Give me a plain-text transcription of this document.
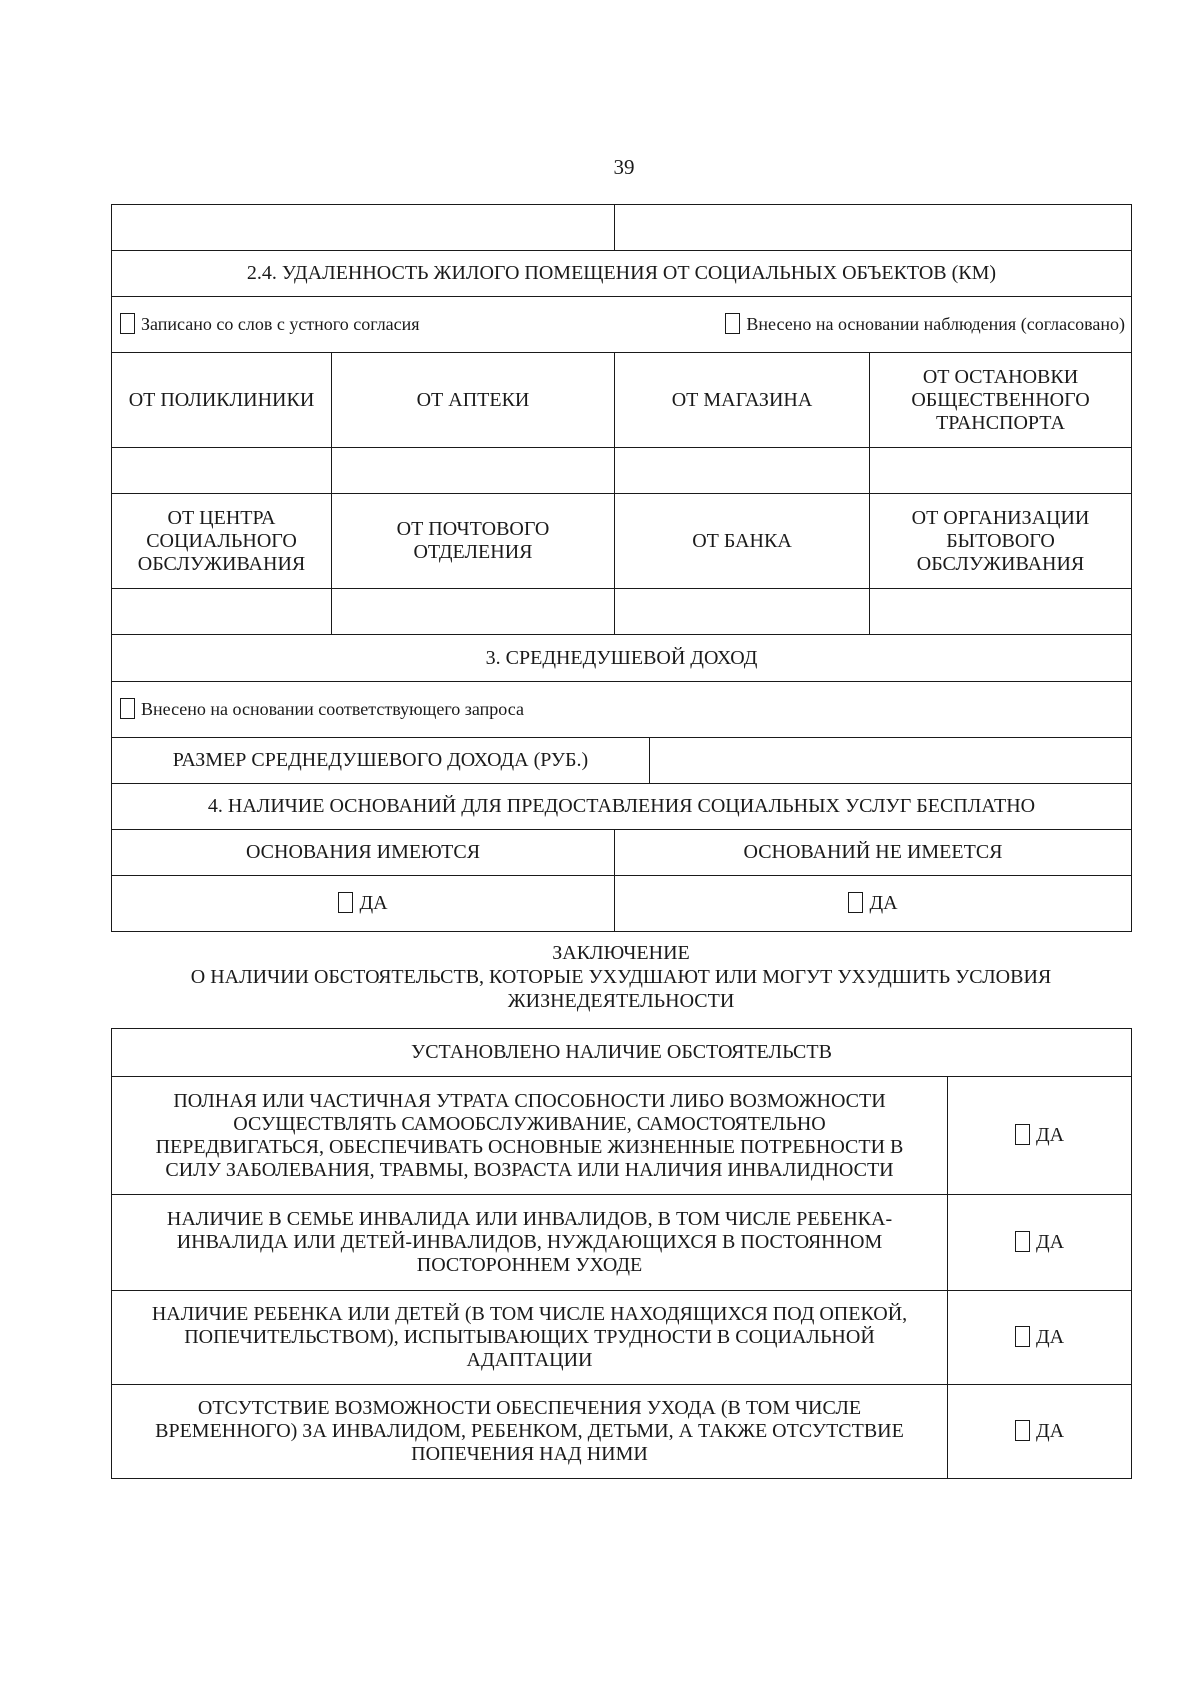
39

2.4. УДАЛЕННОСТЬ ЖИЛОГО ПОМЕЩЕНИЯ ОТ СОЦИАЛЬНЫХ ОБЪЕКТОВ (КМ)				

Записано со слов с устного согласия Внесено на основании наблюдения (согласовано)				

ОТ ПОЛИКЛИНИКИ	ОТ АПТЕКИ	ОТ МАГАЗИНА		ОТ ОСТАНОВКИ ОБЩЕСТВЕННОГО ТРАНСПОРТА

ОТ ЦЕНТРА СОЦИАЛЬНОГО ОБСЛУЖИВАНИЯ	ОТ ПОЧТОВОГО ОТДЕЛЕНИЯ	ОТ БАНКА		ОТ ОРГАНИЗАЦИИ БЫТОВОГО ОБСЛУЖИВАНИЯ

3. СРЕДНЕДУШЕВОЙ ДОХОД				
Внесено на основании соответствующего запроса				
РАЗМЕР СРЕДНЕДУШЕВОГО ДОХОДА (РУБ.)				
4. НАЛИЧИЕ ОСНОВАНИЙ ДЛЯ ПРЕДОСТАВЛЕНИЯ СОЦИАЛЬНЫХ УСЛУГ БЕСПЛАТНО				
ОСНОВАНИЯ ИМЕЮТСЯ		ОСНОВАНИЙ НЕ ИМЕЕТСЯ		
ДА		ДА		
ЗАКЛЮЧЕНИЕ
О НАЛИЧИИ ОБСТОЯТЕЛЬСТВ, КОТОРЫЕ УХУДШАЮТ ИЛИ МОГУТ УХУДШИТЬ УСЛОВИЯ
ЖИЗНЕДЕЯТЕЛЬНОСТИ
УСТАНОВЛЕНО НАЛИЧИЕ ОБСТОЯТЕЛЬСТВ	

ПОЛНАЯ ИЛИ ЧАСТИЧНАЯ УТРАТА СПОСОБНОСТИ ЛИБО ВОЗМОЖНОСТИ
ОСУЩЕСТВЛЯТЬ САМООБСЛУЖИВАНИЕ, САМОСТОЯТЕЛЬНО
ПЕРЕДВИГАТЬСЯ, ОБЕСПЕЧИВАТЬ ОСНОВНЫЕ ЖИЗНЕННЫЕ ПОТРЕБНОСТИ В
СИЛУ ЗАБОЛЕВАНИЯ, ТРАВМЫ, ВОЗРАСТА ИЛИ НАЛИЧИЯ ИНВАЛИДНОСТИ	ДА

НАЛИЧИЕ В СЕМЬЕ ИНВАЛИДА ИЛИ ИНВАЛИДОВ, В ТОМ ЧИСЛЕ РЕБЕНКА-
ИНВАЛИДА ИЛИ ДЕТЕЙ-ИНВАЛИДОВ, НУЖДАЮЩИХСЯ В ПОСТОЯННОМ
ПОСТОРОННЕМ УХОДЕ	ДА

НАЛИЧИЕ РЕБЕНКА ИЛИ ДЕТЕЙ (В ТОМ ЧИСЛЕ НАХОДЯЩИХСЯ ПОД ОПЕКОЙ,
ПОПЕЧИТЕЛЬСТВОМ), ИСПЫТЫВАЮЩИХ ТРУДНОСТИ В СОЦИАЛЬНОЙ
АДАПТАЦИИ	ДА

ОТСУТСТВИЕ ВОЗМОЖНОСТИ ОБЕСПЕЧЕНИЯ УХОДА (В ТОМ ЧИСЛЕ
ВРЕМЕННОГО) ЗА ИНВАЛИДОМ, РЕБЕНКОМ, ДЕТЬМИ, А ТАКЖЕ ОТСУТСТВИЕ
ПОПЕЧЕНИЯ НАД НИМИ	ДА
